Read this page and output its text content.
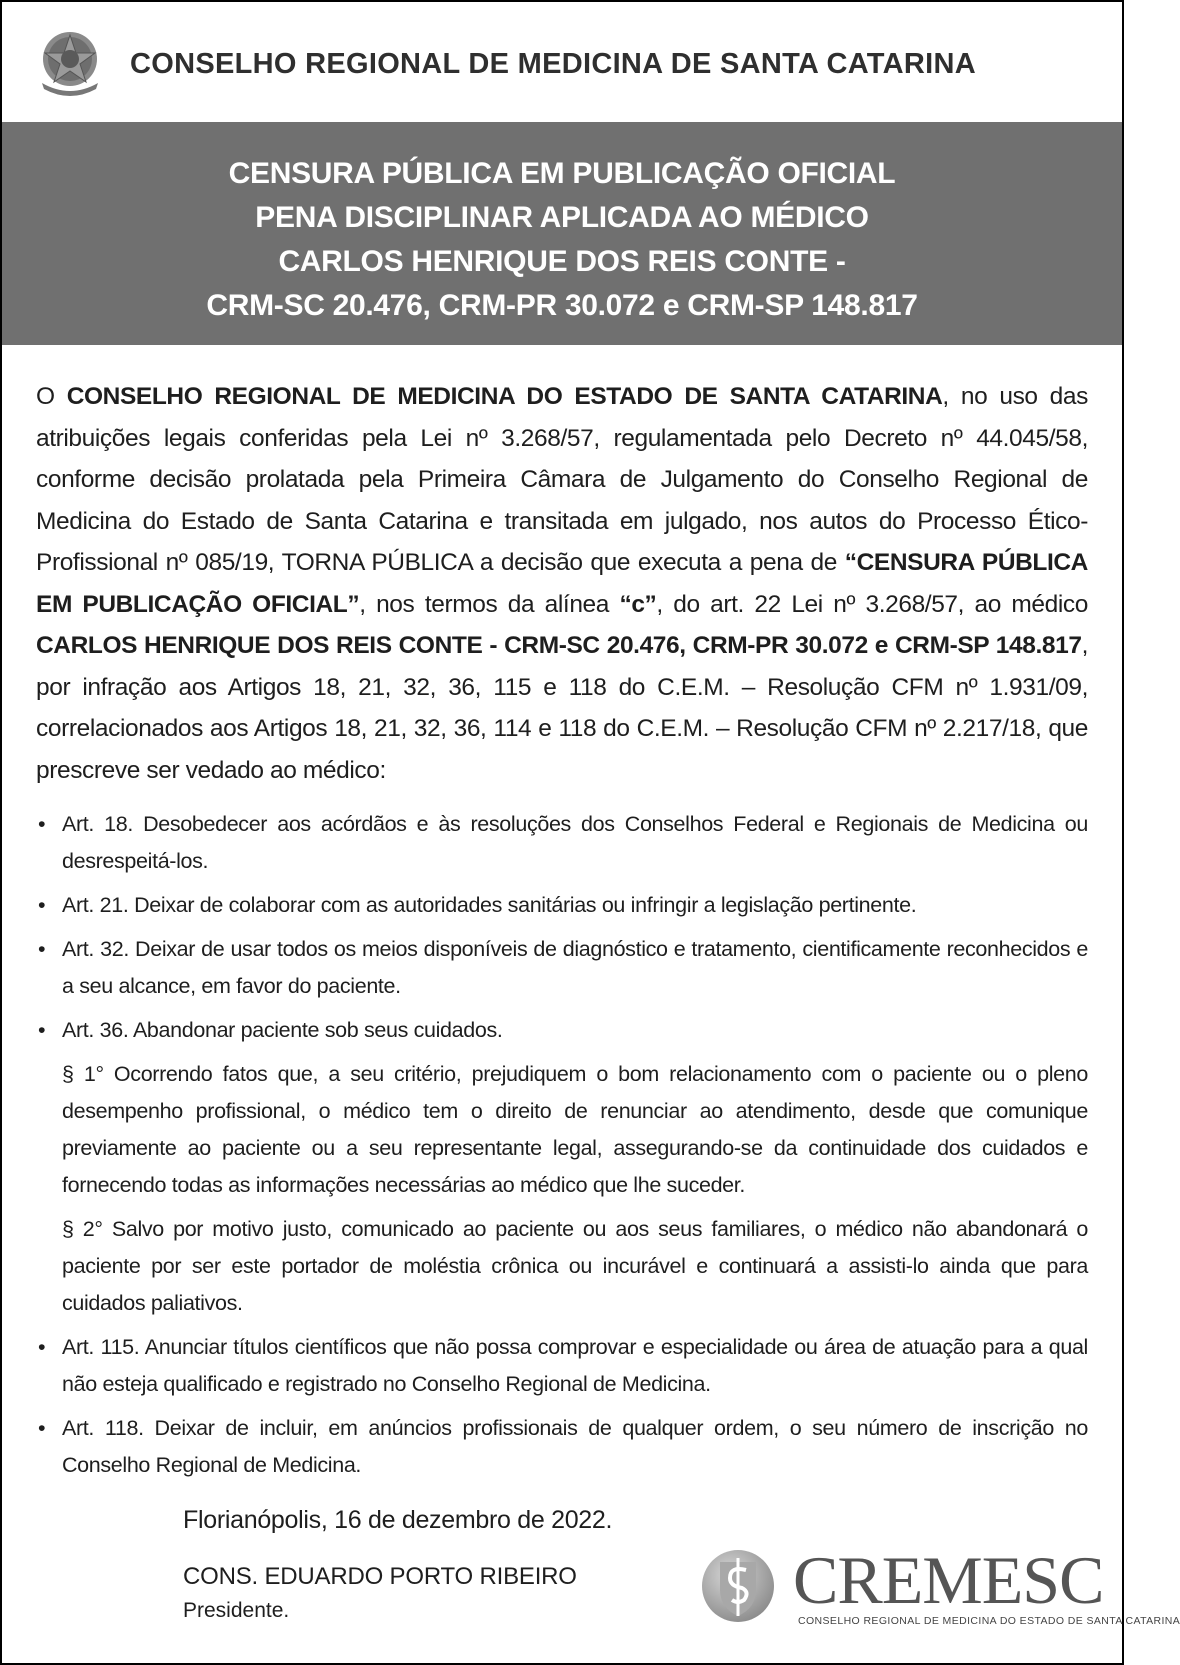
CONSELHO REGIONAL DE MEDICINA DE SANTA CATARINA
CENSURA PÚBLICA EM PUBLICAÇÃO OFICIAL
PENA DISCIPLINAR APLICADA AO MÉDICO
CARLOS HENRIQUE DOS REIS CONTE -
CRM-SC 20.476, CRM-PR 30.072 e CRM-SP 148.817
O CONSELHO REGIONAL DE MEDICINA DO ESTADO DE SANTA CATARINA, no uso das atribuições legais conferidas pela Lei nº 3.268/57, regulamentada pelo Decreto nº 44.045/58, conforme decisão prolatada pela Primeira Câmara de Julgamento do Conselho Regional de Medicina do Estado de Santa Catarina e transitada em julgado, nos autos do Processo Ético-Profissional nº 085/19, TORNA PÚBLICA a decisão que executa a pena de “CENSURA PÚBLICA EM PUBLICAÇÃO OFICIAL”, nos termos da alínea “c”, do art. 22 Lei nº 3.268/57, ao médico CARLOS HENRIQUE DOS REIS CONTE - CRM-SC 20.476, CRM-PR 30.072 e CRM-SP 148.817, por infração aos Artigos 18, 21, 32, 36, 115 e 118 do C.E.M. – Resolução CFM nº 1.931/09, correlacionados aos Artigos 18, 21, 32, 36, 114 e 118 do C.E.M. – Resolução CFM nº 2.217/18, que prescreve ser vedado ao médico:
• Art. 18. Desobedecer aos acórdãos e às resoluções dos Conselhos Federal e Regionais de Medicina ou desrespeitá-los.
• Art. 21. Deixar de colaborar com as autoridades sanitárias ou infringir a legislação pertinente.
• Art. 32. Deixar de usar todos os meios disponíveis de diagnóstico e tratamento, cientificamente reconhecidos e a seu alcance, em favor do paciente.
• Art. 36. Abandonar paciente sob seus cuidados.
§ 1° Ocorrendo fatos que, a seu critério, prejudiquem o bom relacionamento com o paciente ou o pleno desempenho profissional, o médico tem o direito de renunciar ao atendimento, desde que comunique previamente ao paciente ou a seu representante legal, assegurando-se da continuidade dos cuidados e fornecendo todas as informações necessárias ao médico que lhe suceder.
§ 2° Salvo por motivo justo, comunicado ao paciente ou aos seus familiares, o médico não abandonará o paciente por ser este portador de moléstia crônica ou incurável e continuará a assisti-lo ainda que para cuidados paliativos.
• Art. 115. Anunciar títulos científicos que não possa comprovar e especialidade ou área de atuação para a qual não esteja qualificado e registrado no Conselho Regional de Medicina.
• Art. 118. Deixar de incluir, em anúncios profissionais de qualquer ordem, o seu número de inscrição no Conselho Regional de Medicina.
Florianópolis, 16 de dezembro de 2022.
CONS. EDUARDO PORTO RIBEIRO
Presidente.	CREMESC
CONSELHO REGIONAL DE MEDICINA DO ESTADO DE SANTA CATARINA
